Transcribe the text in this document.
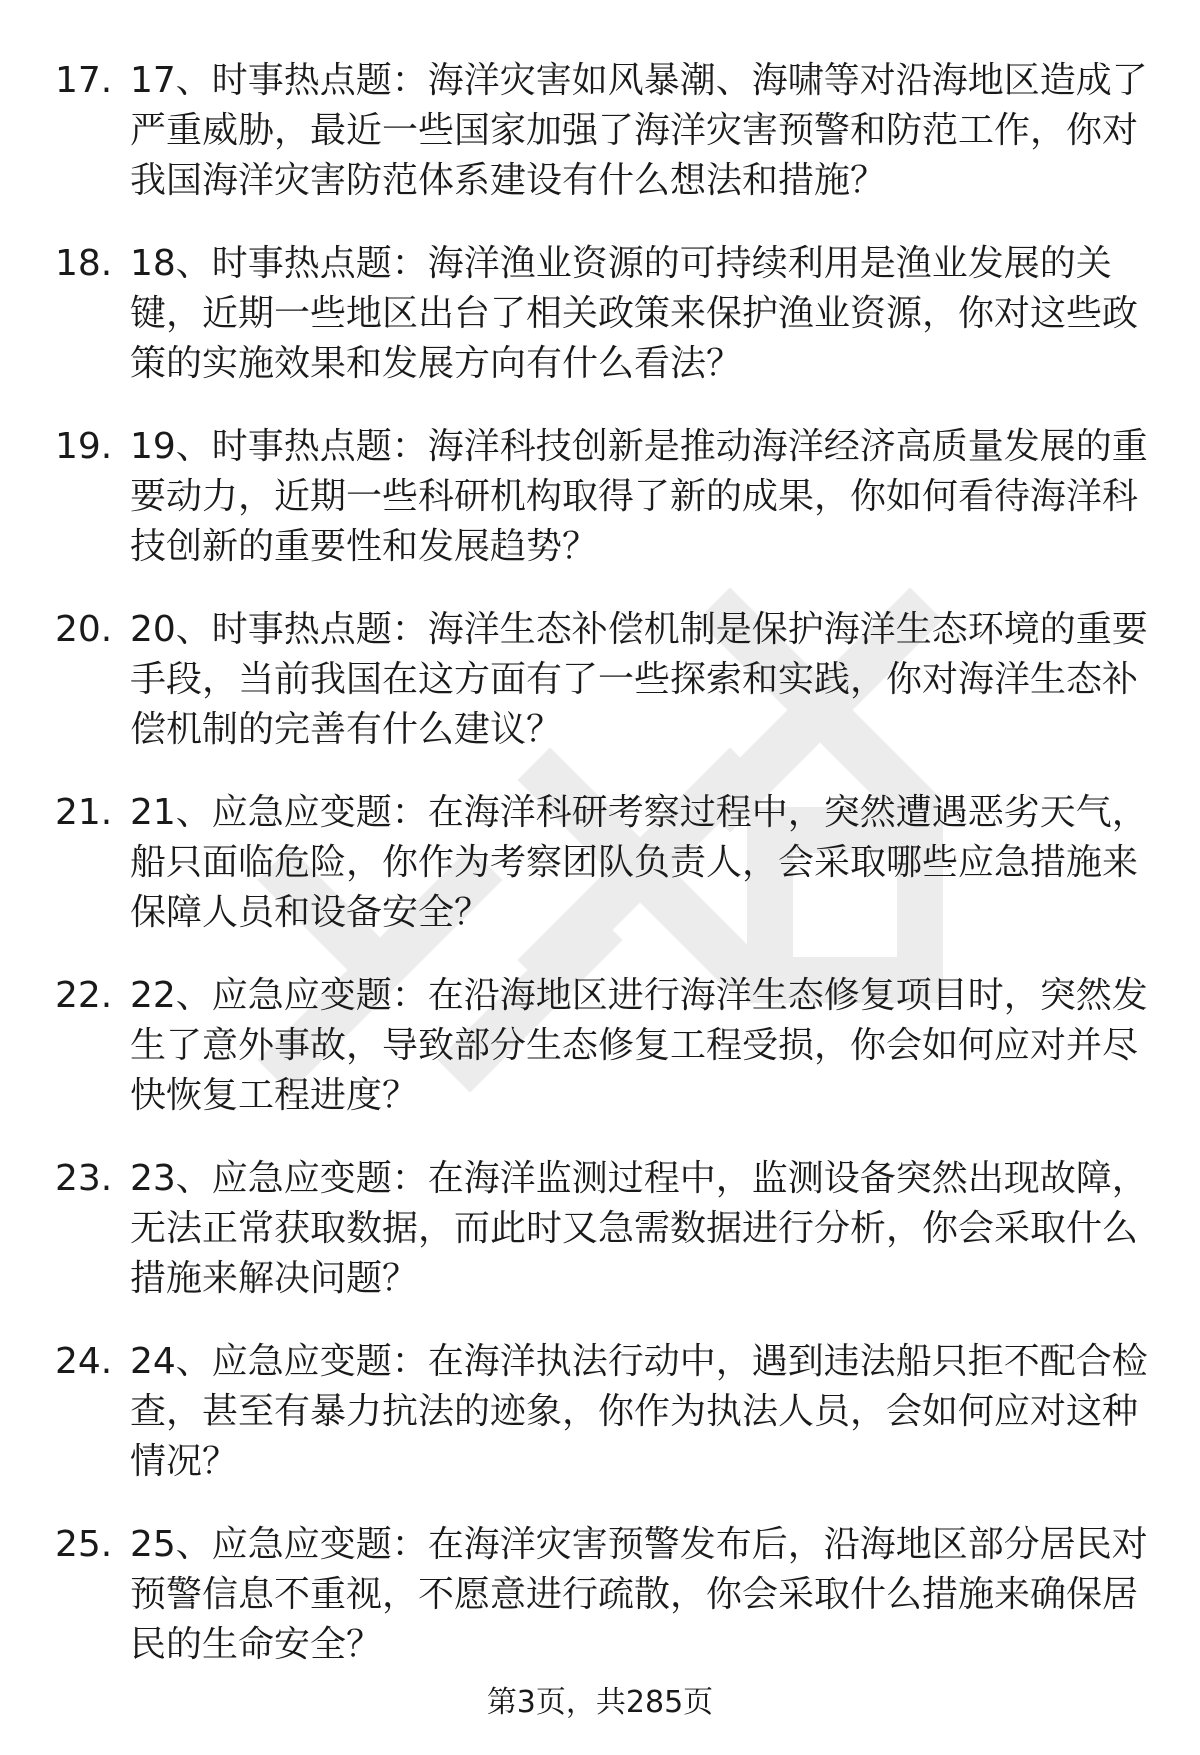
17. 17、时事热点题：海洋灾害如风暴潮、海啸等对沿海地区造成了
严重威胁，最近一些国家加强了海洋灾害预警和防范工作，你对
我国海洋灾害防范体系建设有什么想法和措施？
18. 18、时事热点题：海洋渔业资源的可持续利用是渔业发展的关
键，近期一些地区出台了相关政策来保护渔业资源，你对这些政
策的实施效果和发展方向有什么看法？
19. 19、时事热点题：海洋科技创新是推动海洋经济高质量发展的重
要动力，近期一些科研机构取得了新的成果，你如何看待海洋科
技创新的重要性和发展趋势？
20. 20、时事热点题：海洋生态补偿机制是保护海洋生态环境的重要
手段，当前我国在这方面有了一些探索和实践，你对海洋生态补
偿机制的完善有什么建议？
21. 21、应急应变题：在海洋科研考察过程中，突然遭遇恶劣天气，
船只面临危险，你作为考察团队负责人，会采取哪些应急措施来
保障人员和设备安全？
22. 22、应急应变题：在沿海地区进行海洋生态修复项目时，突然发
生了意外事故，导致部分生态修复工程受损，你会如何应对并尽
快恢复工程进度？
23. 23、应急应变题：在海洋监测过程中，监测设备突然出现故障，
无法正常获取数据，而此时又急需数据进行分析，你会采取什么
措施来解决问题？
24. 24、应急应变题：在海洋执法行动中，遇到违法船只拒不配合检
查，甚至有暴力抗法的迹象，你作为执法人员，会如何应对这种
情况？
25. 25、应急应变题：在海洋灾害预警发布后，沿海地区部分居民对
预警信息不重视，不愿意进行疏散，你会采取什么措施来确保居
民的生命安全？
第3页，共285页
